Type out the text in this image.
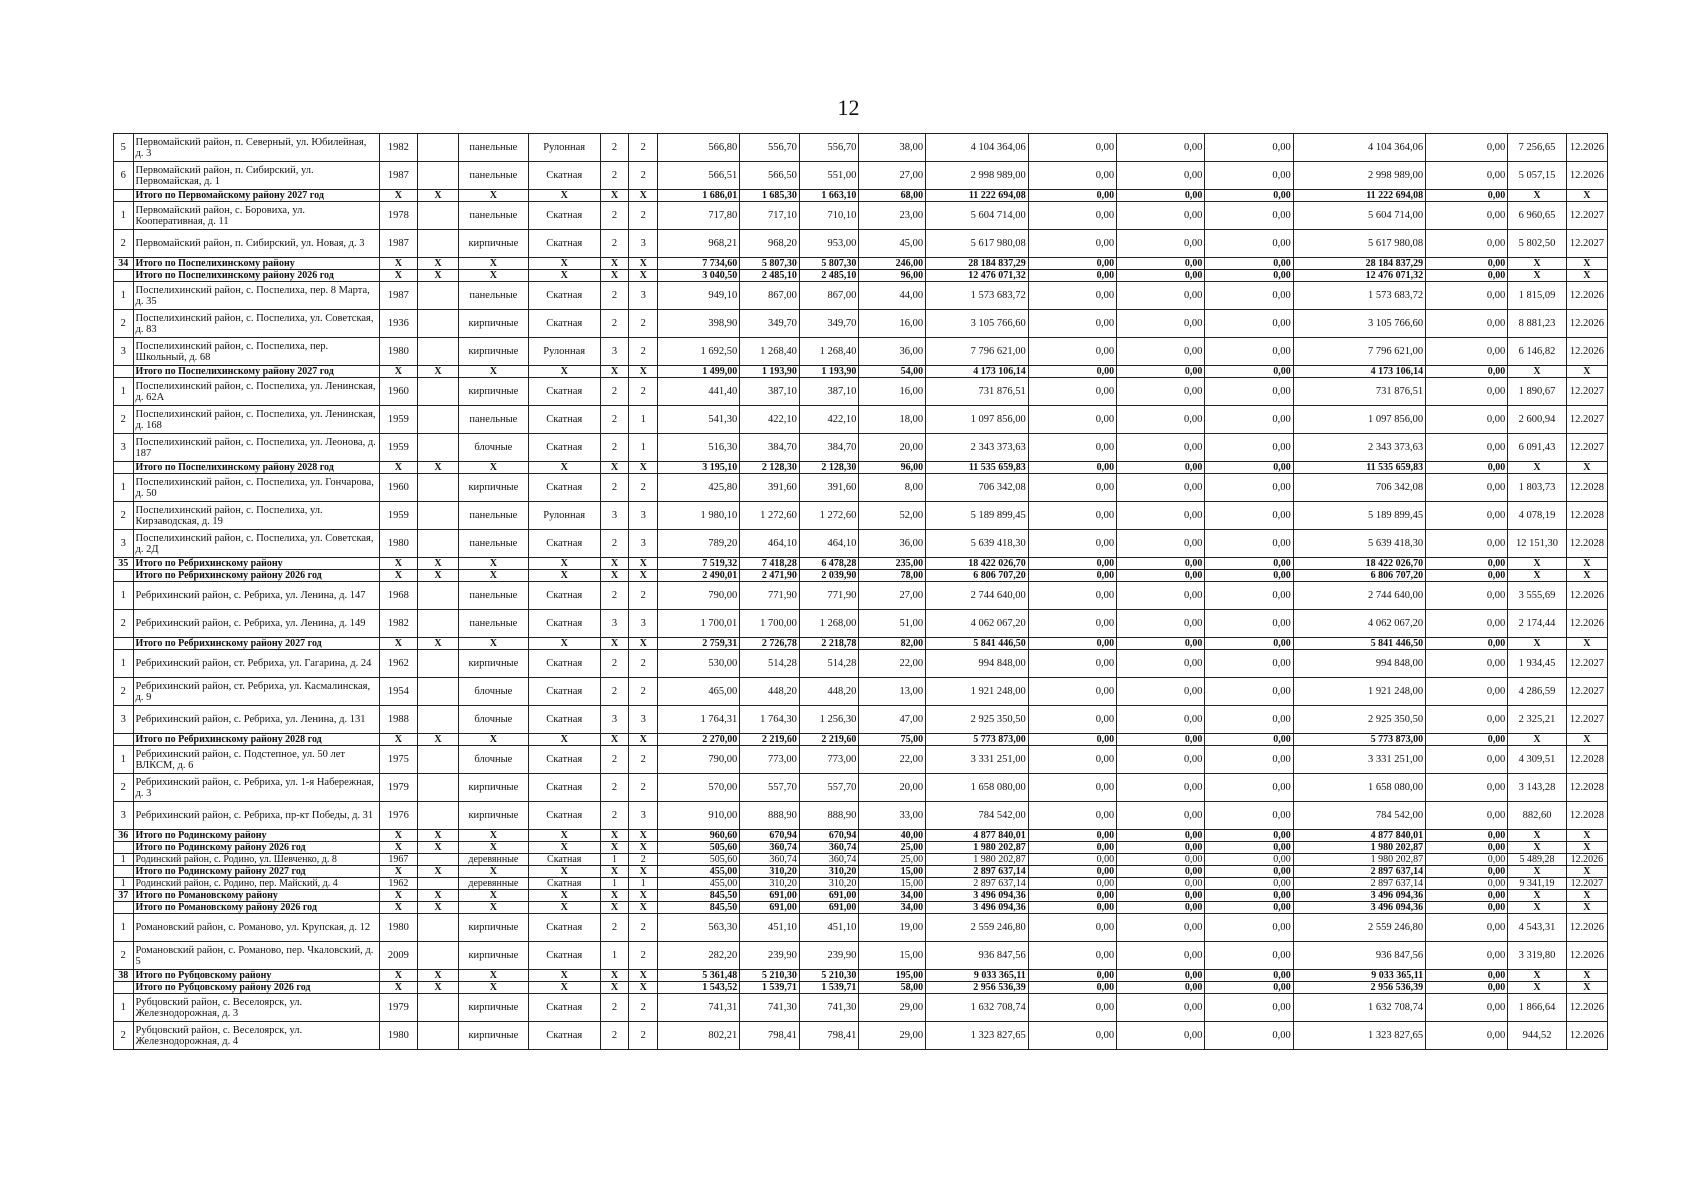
12
5	Первомайский район, п. Северный, ул. Юбилейная, д. 3	1982		панельные	Рулонная	2	2	566,80	556,70	556,70	38,00	4 104 364,06	0,00	0,00	0,00	4 104 364,06	0,00	7 256,65	12.2026
6	Первомайский район, п. Сибирский, ул. Первомайская, д. 1	1987		панельные	Скатная	2	2	566,51	566,50	551,00	27,00	2 998 989,00	0,00	0,00	0,00	2 998 989,00	0,00	5 057,15	12.2026
	Итого по Первомайскому району 2027 год	X	X	X	X	X	X	1 686,01	1 685,30	1 663,10	68,00	11 222 694,08	0,00	0,00	0,00	11 222 694,08	0,00	X	X
1	Первомайский район, с. Боровиха, ул. Кооперативная, д. 11	1978		панельные	Скатная	2	2	717,80	717,10	710,10	23,00	5 604 714,00	0,00	0,00	0,00	5 604 714,00	0,00	6 960,65	12.2027
2	Первомайский район, п. Сибирский, ул. Новая, д. 3	1987		кирпичные	Скатная	2	3	968,21	968,20	953,00	45,00	5 617 980,08	0,00	0,00	0,00	5 617 980,08	0,00	5 802,50	12.2027
34	Итого по Поспелихинскому району	X	X	X	X	X	X	7 734,60	5 807,30	5 807,30	246,00	28 184 837,29	0,00	0,00	0,00	28 184 837,29	0,00	X	X
	Итого по Поспелихинскому району 2026 год	X	X	X	X	X	X	3 040,50	2 485,10	2 485,10	96,00	12 476 071,32	0,00	0,00	0,00	12 476 071,32	0,00	X	X
1	Поспелихинский район, с. Поспелиха, пер. 8 Марта, д. 35	1987		панельные	Скатная	2	3	949,10	867,00	867,00	44,00	1 573 683,72	0,00	0,00	0,00	1 573 683,72	0,00	1 815,09	12.2026
2	Поспелихинский район, с. Поспелиха, ул. Советская, д. 83	1936		кирпичные	Скатная	2	2	398,90	349,70	349,70	16,00	3 105 766,60	0,00	0,00	0,00	3 105 766,60	0,00	8 881,23	12.2026
3	Поспелихинский район, с. Поспелиха, пер. Школьный, д. 68	1980		кирпичные	Рулонная	3	2	1 692,50	1 268,40	1 268,40	36,00	7 796 621,00	0,00	0,00	0,00	7 796 621,00	0,00	6 146,82	12.2026
	Итого по Поспелихинскому району 2027 год	X	X	X	X	X	X	1 499,00	1 193,90	1 193,90	54,00	4 173 106,14	0,00	0,00	0,00	4 173 106,14	0,00	X	X
1	Поспелихинский район, с. Поспелиха, ул. Ленинская, д. 62А	1960		кирпичные	Скатная	2	2	441,40	387,10	387,10	16,00	731 876,51	0,00	0,00	0,00	731 876,51	0,00	1 890,67	12.2027
2	Поспелихинский район, с. Поспелиха, ул. Ленинская, д. 168	1959		панельные	Скатная	2	1	541,30	422,10	422,10	18,00	1 097 856,00	0,00	0,00	0,00	1 097 856,00	0,00	2 600,94	12.2027
3	Поспелихинский район, с. Поспелиха, ул. Леонова, д. 187	1959		блочные	Скатная	2	1	516,30	384,70	384,70	20,00	2 343 373,63	0,00	0,00	0,00	2 343 373,63	0,00	6 091,43	12.2027
	Итого по Поспелихинскому району 2028 год	X	X	X	X	X	X	3 195,10	2 128,30	2 128,30	96,00	11 535 659,83	0,00	0,00	0,00	11 535 659,83	0,00	X	X
1	Поспелихинский район, с. Поспелиха, ул. Гончарова, д. 50	1960		кирпичные	Скатная	2	2	425,80	391,60	391,60	8,00	706 342,08	0,00	0,00	0,00	706 342,08	0,00	1 803,73	12.2028
2	Поспелихинский район, с. Поспелиха, ул. Кирзаводская, д. 19	1959		панельные	Рулонная	3	3	1 980,10	1 272,60	1 272,60	52,00	5 189 899,45	0,00	0,00	0,00	5 189 899,45	0,00	4 078,19	12.2028
3	Поспелихинский район, с. Поспелиха, ул. Советская, д. 2Д	1980		панельные	Скатная	2	3	789,20	464,10	464,10	36,00	5 639 418,30	0,00	0,00	0,00	5 639 418,30	0,00	12 151,30	12.2028
35	Итого по Ребрихинскому району	X	X	X	X	X	X	7 519,32	7 418,28	6 478,28	235,00	18 422 026,70	0,00	0,00	0,00	18 422 026,70	0,00	X	X
	Итого по Ребрихинскому району 2026 год	X	X	X	X	X	X	2 490,01	2 471,90	2 039,90	78,00	6 806 707,20	0,00	0,00	0,00	6 806 707,20	0,00	X	X
1	Ребрихинский район, с. Ребриха, ул. Ленина, д. 147	1968		панельные	Скатная	2	2	790,00	771,90	771,90	27,00	2 744 640,00	0,00	0,00	0,00	2 744 640,00	0,00	3 555,69	12.2026
2	Ребрихинский район, с. Ребриха, ул. Ленина, д. 149	1982		панельные	Скатная	3	3	1 700,01	1 700,00	1 268,00	51,00	4 062 067,20	0,00	0,00	0,00	4 062 067,20	0,00	2 174,44	12.2026
	Итого по Ребрихинскому району 2027 год	X	X	X	X	X	X	2 759,31	2 726,78	2 218,78	82,00	5 841 446,50	0,00	0,00	0,00	5 841 446,50	0,00	X	X
1	Ребрихинский район, ст. Ребриха, ул. Гагарина, д. 24	1962		кирпичные	Скатная	2	2	530,00	514,28	514,28	22,00	994 848,00	0,00	0,00	0,00	994 848,00	0,00	1 934,45	12.2027
2	Ребрихинский район, ст. Ребриха, ул. Касмалинская, д. 9	1954		блочные	Скатная	2	2	465,00	448,20	448,20	13,00	1 921 248,00	0,00	0,00	0,00	1 921 248,00	0,00	4 286,59	12.2027
3	Ребрихинский район, с. Ребриха, ул. Ленина, д. 131	1988		блочные	Скатная	3	3	1 764,31	1 764,30	1 256,30	47,00	2 925 350,50	0,00	0,00	0,00	2 925 350,50	0,00	2 325,21	12.2027
	Итого по Ребрихинскому району 2028 год	X	X	X	X	X	X	2 270,00	2 219,60	2 219,60	75,00	5 773 873,00	0,00	0,00	0,00	5 773 873,00	0,00	X	X
1	Ребрихинский район, с. Подстепное, ул. 50 лет ВЛКСМ, д. 6	1975		блочные	Скатная	2	2	790,00	773,00	773,00	22,00	3 331 251,00	0,00	0,00	0,00	3 331 251,00	0,00	4 309,51	12.2028
2	Ребрихинский район, с. Ребриха, ул. 1-я Набережная, д. 3	1979		кирпичные	Скатная	2	2	570,00	557,70	557,70	20,00	1 658 080,00	0,00	0,00	0,00	1 658 080,00	0,00	3 143,28	12.2028
3	Ребрихинский район, с. Ребриха, пр-кт Победы, д. 31	1976		кирпичные	Скатная	2	3	910,00	888,90	888,90	33,00	784 542,00	0,00	0,00	0,00	784 542,00	0,00	882,60	12.2028
36	Итого по Родинскому району	X	X	X	X	X	X	960,60	670,94	670,94	40,00	4 877 840,01	0,00	0,00	0,00	4 877 840,01	0,00	X	X
	Итого по Родинскому району 2026 год	X	X	X	X	X	X	505,60	360,74	360,74	25,00	1 980 202,87	0,00	0,00	0,00	1 980 202,87	0,00	X	X
1	Родинский район, с. Родино, ул. Шевченко, д. 8	1967		деревянные	Скатная	1	2	505,60	360,74	360,74	25,00	1 980 202,87	0,00	0,00	0,00	1 980 202,87	0,00	5 489,28	12.2026
	Итого по Родинскому району 2027 год	X	X	X	X	X	X	455,00	310,20	310,20	15,00	2 897 637,14	0,00	0,00	0,00	2 897 637,14	0,00	X	X
1	Родинский район, с. Родино, пер. Майский, д. 4	1962		деревянные	Скатная	1	1	455,00	310,20	310,20	15,00	2 897 637,14	0,00	0,00	0,00	2 897 637,14	0,00	9 341,19	12.2027
37	Итого по Романовскому району	X	X	X	X	X	X	845,50	691,00	691,00	34,00	3 496 094,36	0,00	0,00	0,00	3 496 094,36	0,00	X	X
	Итого по Романовскому району 2026 год	X	X	X	X	X	X	845,50	691,00	691,00	34,00	3 496 094,36	0,00	0,00	0,00	3 496 094,36	0,00	X	X
1	Романовский район, с. Романово, ул. Крупская, д. 12	1980		кирпичные	Скатная	2	2	563,30	451,10	451,10	19,00	2 559 246,80	0,00	0,00	0,00	2 559 246,80	0,00	4 543,31	12.2026
2	Романовский район, с. Романово, пер. Чкаловский, д. 5	2009		кирпичные	Скатная	1	2	282,20	239,90	239,90	15,00	936 847,56	0,00	0,00	0,00	936 847,56	0,00	3 319,80	12.2026
38	Итого по Рубцовскому району	X	X	X	X	X	X	5 361,48	5 210,30	5 210,30	195,00	9 033 365,11	0,00	0,00	0,00	9 033 365,11	0,00	X	X
	Итого по Рубцовскому району 2026 год	X	X	X	X	X	X	1 543,52	1 539,71	1 539,71	58,00	2 956 536,39	0,00	0,00	0,00	2 956 536,39	0,00	X	X
1	Рубцовский район, с. Веселоярск, ул. Железнодорожная, д. 3	1979		кирпичные	Скатная	2	2	741,31	741,30	741,30	29,00	1 632 708,74	0,00	0,00	0,00	1 632 708,74	0,00	1 866,64	12.2026
2	Рубцовский район, с. Веселоярск, ул. Железнодорожная, д. 4	1980		кирпичные	Скатная	2	2	802,21	798,41	798,41	29,00	1 323 827,65	0,00	0,00	0,00	1 323 827,65	0,00	944,52	12.2026
